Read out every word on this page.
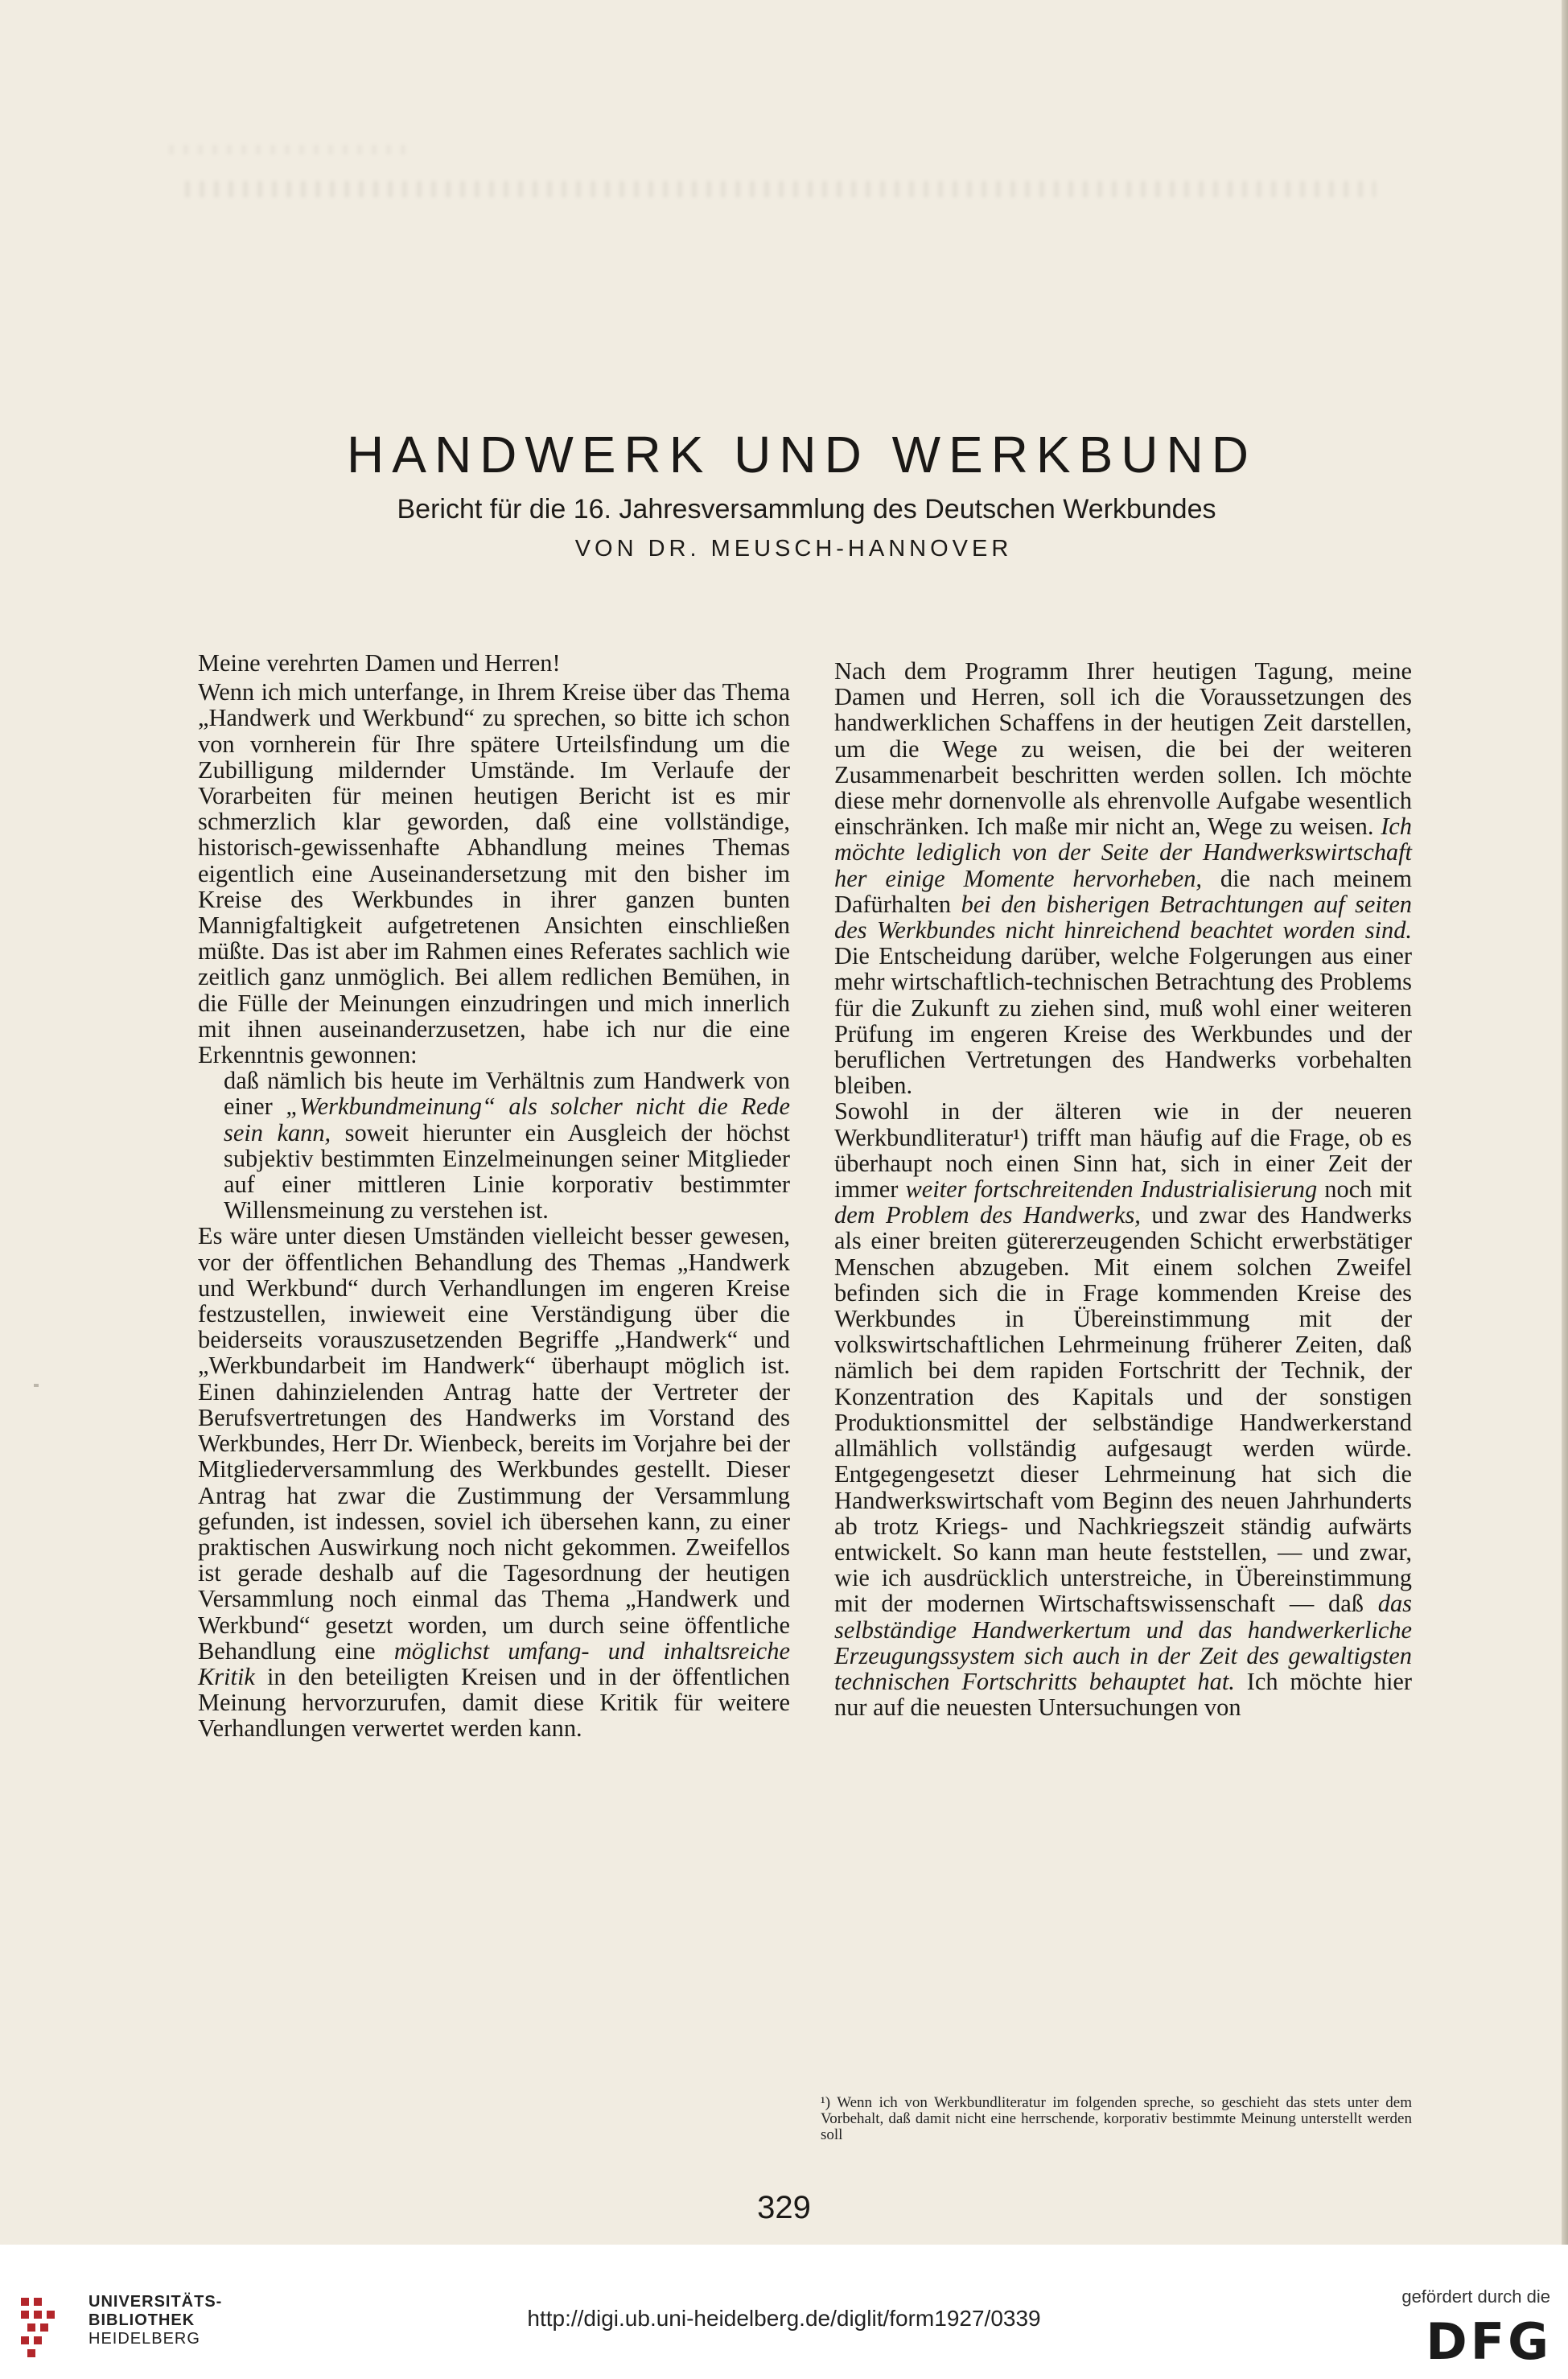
HANDWERK UND WERKBUND
Bericht für die 16. Jahresversammlung des Deutschen Werkbundes
VON DR. MEUSCH-HANNOVER

Meine verehrten Damen und Herren!

Wenn ich mich unterfange, in Ihrem Kreise über das Thema „Handwerk und Werkbund“ zu sprechen, so bitte ich schon von vornherein für Ihre spätere Urteilsfindung um die Zubilligung mildernder Umstände. Im Verlaufe der Vorarbeiten für meinen heutigen Bericht ist es mir schmerzlich klar geworden, daß eine vollständige, historisch-gewissenhafte Abhandlung meines Themas eigentlich eine Auseinandersetzung mit den bisher im Kreise des Werkbundes in ihrer ganzen bunten Mannigfaltigkeit aufgetretenen Ansichten einschließen müßte. Das ist aber im Rahmen eines Referates sachlich wie zeitlich ganz unmöglich. Bei allem redlichen Bemühen, in die Fülle der Meinungen einzudringen und mich innerlich mit ihnen auseinanderzusetzen, habe ich nur die eine Erkenntnis gewonnen:

daß nämlich bis heute im Verhältnis zum Handwerk von einer „Werkbundmeinung“ als solcher nicht die Rede sein kann, soweit hierunter ein Ausgleich der höchst subjektiv bestimmten Einzelmeinungen seiner Mitglieder auf einer mittleren Linie korporativ bestimmter Willensmeinung zu verstehen ist.

Es wäre unter diesen Umständen vielleicht besser gewesen, vor der öffentlichen Behandlung des Themas „Handwerk und Werkbund“ durch Verhandlungen im engeren Kreise festzustellen, inwieweit eine Verständigung über die beiderseits vorauszusetzenden Begriffe „Handwerk“ und „Werkbundarbeit im Handwerk“ überhaupt möglich ist. Einen dahinzielenden Antrag hatte der Vertreter der Berufsvertretungen des Handwerks im Vorstand des Werkbundes, Herr Dr. Wienbeck, bereits im Vorjahre bei der Mitgliederversammlung des Werkbundes gestellt. Dieser Antrag hat zwar die Zustimmung der Versammlung gefunden, ist indessen, soviel ich übersehen kann, zu einer praktischen Auswirkung noch nicht gekommen. Zweifellos ist gerade deshalb auf die Tagesordnung der heutigen Versammlung noch einmal das Thema „Handwerk und Werkbund“ gesetzt worden, um durch seine öffentliche Behandlung eine möglichst umfang- und inhaltsreiche Kritik in den beteiligten Kreisen und in der öffentlichen Meinung hervorzurufen, damit diese Kritik für weitere Verhandlungen verwertet werden kann.

Nach dem Programm Ihrer heutigen Tagung, meine Damen und Herren, soll ich die Voraussetzungen des handwerklichen Schaffens in der heutigen Zeit darstellen, um die Wege zu weisen, die bei der weiteren Zusammenarbeit beschritten werden sollen. Ich möchte diese mehr dornenvolle als ehrenvolle Aufgabe wesentlich einschränken. Ich maße mir nicht an, Wege zu weisen. Ich möchte lediglich von der Seite der Handwerkswirtschaft her einige Momente hervorheben, die nach meinem Dafürhalten bei den bisherigen Betrachtungen auf seiten des Werkbundes nicht hinreichend beachtet worden sind. Die Entscheidung darüber, welche Folgerungen aus einer mehr wirtschaftlich-technischen Betrachtung des Problems für die Zukunft zu ziehen sind, muß wohl einer weiteren Prüfung im engeren Kreise des Werkbundes und der beruflichen Vertretungen des Handwerks vorbehalten bleiben.

Sowohl in der älteren wie in der neueren Werkbundliteratur¹) trifft man häufig auf die Frage, ob es überhaupt noch einen Sinn hat, sich in einer Zeit der immer weiter fortschreitenden Industrialisierung noch mit dem Problem des Handwerks, und zwar des Handwerks als einer breiten gütererzeugenden Schicht erwerbstätiger Menschen abzugeben. Mit einem solchen Zweifel befinden sich die in Frage kommenden Kreise des Werkbundes in Übereinstimmung mit der volkswirtschaftlichen Lehrmeinung früherer Zeiten, daß nämlich bei dem rapiden Fortschritt der Technik, der Konzentration des Kapitals und der sonstigen Produktionsmittel der selbständige Handwerkerstand allmählich vollständig aufgesaugt werden würde. Entgegengesetzt dieser Lehrmeinung hat sich die Handwerkswirtschaft vom Beginn des neuen Jahrhunderts ab trotz Kriegs- und Nachkriegszeit ständig aufwärts entwickelt. So kann man heute feststellen, — und zwar, wie ich ausdrücklich unterstreiche, in Übereinstimmung mit der modernen Wirtschaftswissenschaft — daß das selbständige Handwerkertum und das handwerkerliche Erzeugungssystem sich auch in der Zeit des gewaltigsten technischen Fortschritts behauptet hat. Ich möchte hier nur auf die neuesten Untersuchungen von

¹) Wenn ich von Werkbundliteratur im folgenden spreche, so geschieht das stets unter dem Vorbehalt, daß damit nicht eine herrschende, korporativ bestimmte Meinung unterstellt werden soll
329
UNIVERSITÄTS-
BIBLIOTHEK
HEIDELBERG
http://digi.ub.uni-heidelberg.de/diglit/form1927/0339
gefördert durch die
DFG
